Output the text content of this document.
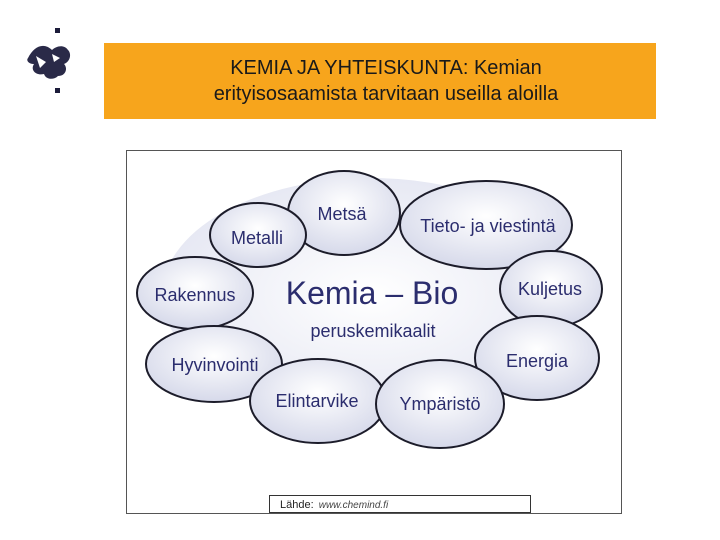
KEMIA JA YHTEISKUNTA: Kemian
erityisosaamista tarvitaan useilla aloilla
Metsä
Tieto- ja viestintä
Metalli
Rakennus	Kuljetus
Hyvinvointi	Energia
Elintarvike Ympäristö
Kemia – Bio
peruskemikaalit
Lähde: www.chemind.fi
